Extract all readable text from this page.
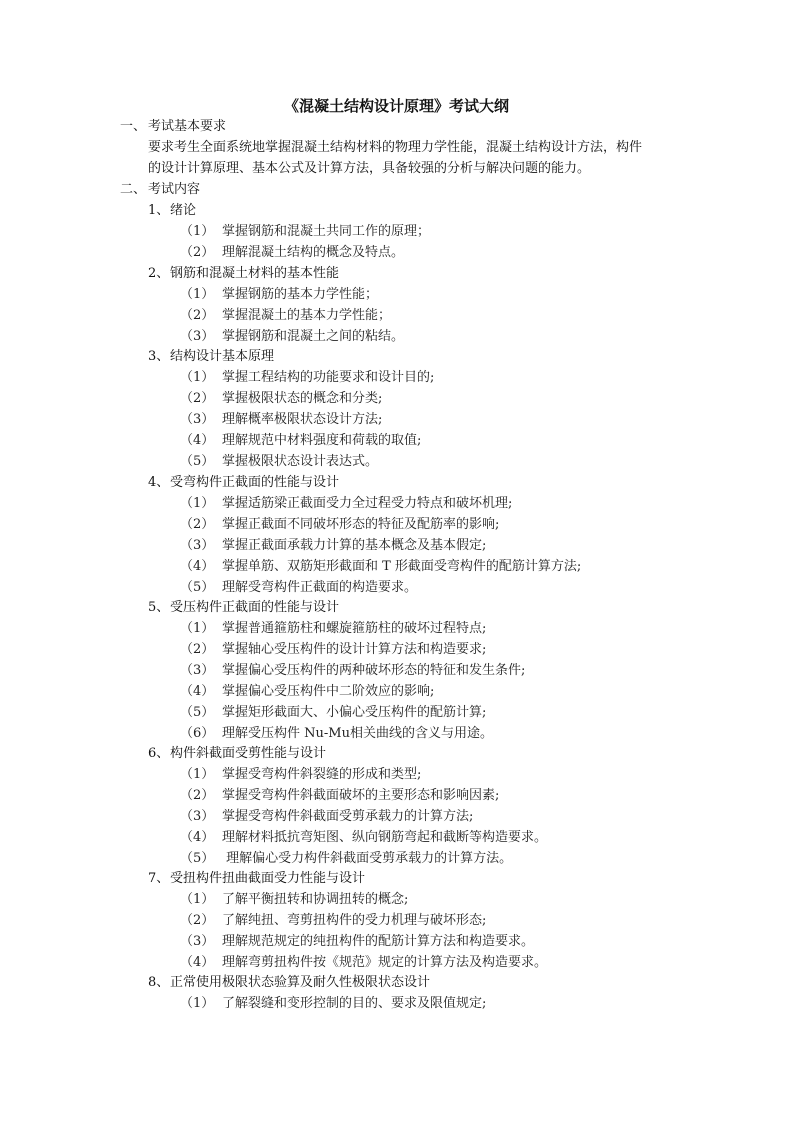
《混凝土结构设计原理》考试大纲
一、 考试基本要求
要求考生全面系统地掌握混凝土结构材料的物理力学性能，混凝土结构设计方法，构件
的设计计算原理、基本公式及计算方法，具备较强的分析与解决问题的能力。
二、 考试内容
1、绪论
（1） 掌握钢筋和混凝土共同工作的原理；
（2） 理解混凝土结构的概念及特点。
2、钢筋和混凝土材料的基本性能
（1） 掌握钢筋的基本力学性能；
（2） 掌握混凝土的基本力学性能；
（3） 掌握钢筋和混凝土之间的粘结。
3、结构设计基本原理
（1） 掌握工程结构的功能要求和设计目的;
（2） 掌握极限状态的概念和分类;
（3） 理解概率极限状态设计方法;
（4） 理解规范中材料强度和荷载的取值;
（5） 掌握极限状态设计表达式。
4、受弯构件正截面的性能与设计
（1） 掌握适筋梁正截面受力全过程受力特点和破坏机理;
（2） 掌握正截面不同破坏形态的特征及配筋率的影响;
（3） 掌握正截面承载力计算的基本概念及基本假定;
（4） 掌握单筋、双筋矩形截面和 T 形截面受弯构件的配筋计算方法;
（5） 理解受弯构件正截面的构造要求。
5、受压构件正截面的性能与设计
（1） 掌握普通箍筋柱和螺旋箍筋柱的破坏过程特点;
（2） 掌握轴心受压构件的设计计算方法和构造要求;
（3） 掌握偏心受压构件的两种破坏形态的特征和发生条件;
（4） 掌握偏心受压构件中二阶效应的影响;
（5） 掌握矩形截面大、小偏心受压构件的配筋计算;
（6） 理解受压构件 Nu-Mu相关曲线的含义与用途。
6、构件斜截面受剪性能与设计
（1） 掌握受弯构件斜裂缝的形成和类型;
（2） 掌握受弯构件斜截面破坏的主要形态和影响因素;
（3） 掌握受弯构件斜截面受剪承载力的计算方法;
（4） 理解材料抵抗弯矩图、纵向钢筋弯起和截断等构造要求。
（5） 理解偏心受力构件斜截面受剪承载力的计算方法。
7、受扭构件扭曲截面受力性能与设计
（1） 了解平衡扭转和协调扭转的概念;
（2） 了解纯扭、弯剪扭构件的受力机理与破坏形态;
（3） 理解规范规定的纯扭构件的配筋计算方法和构造要求。
（4） 理解弯剪扭构件按《规范》规定的计算方法及构造要求。
8、正常使用极限状态验算及耐久性极限状态设计
（1） 了解裂缝和变形控制的目的、要求及限值规定;
